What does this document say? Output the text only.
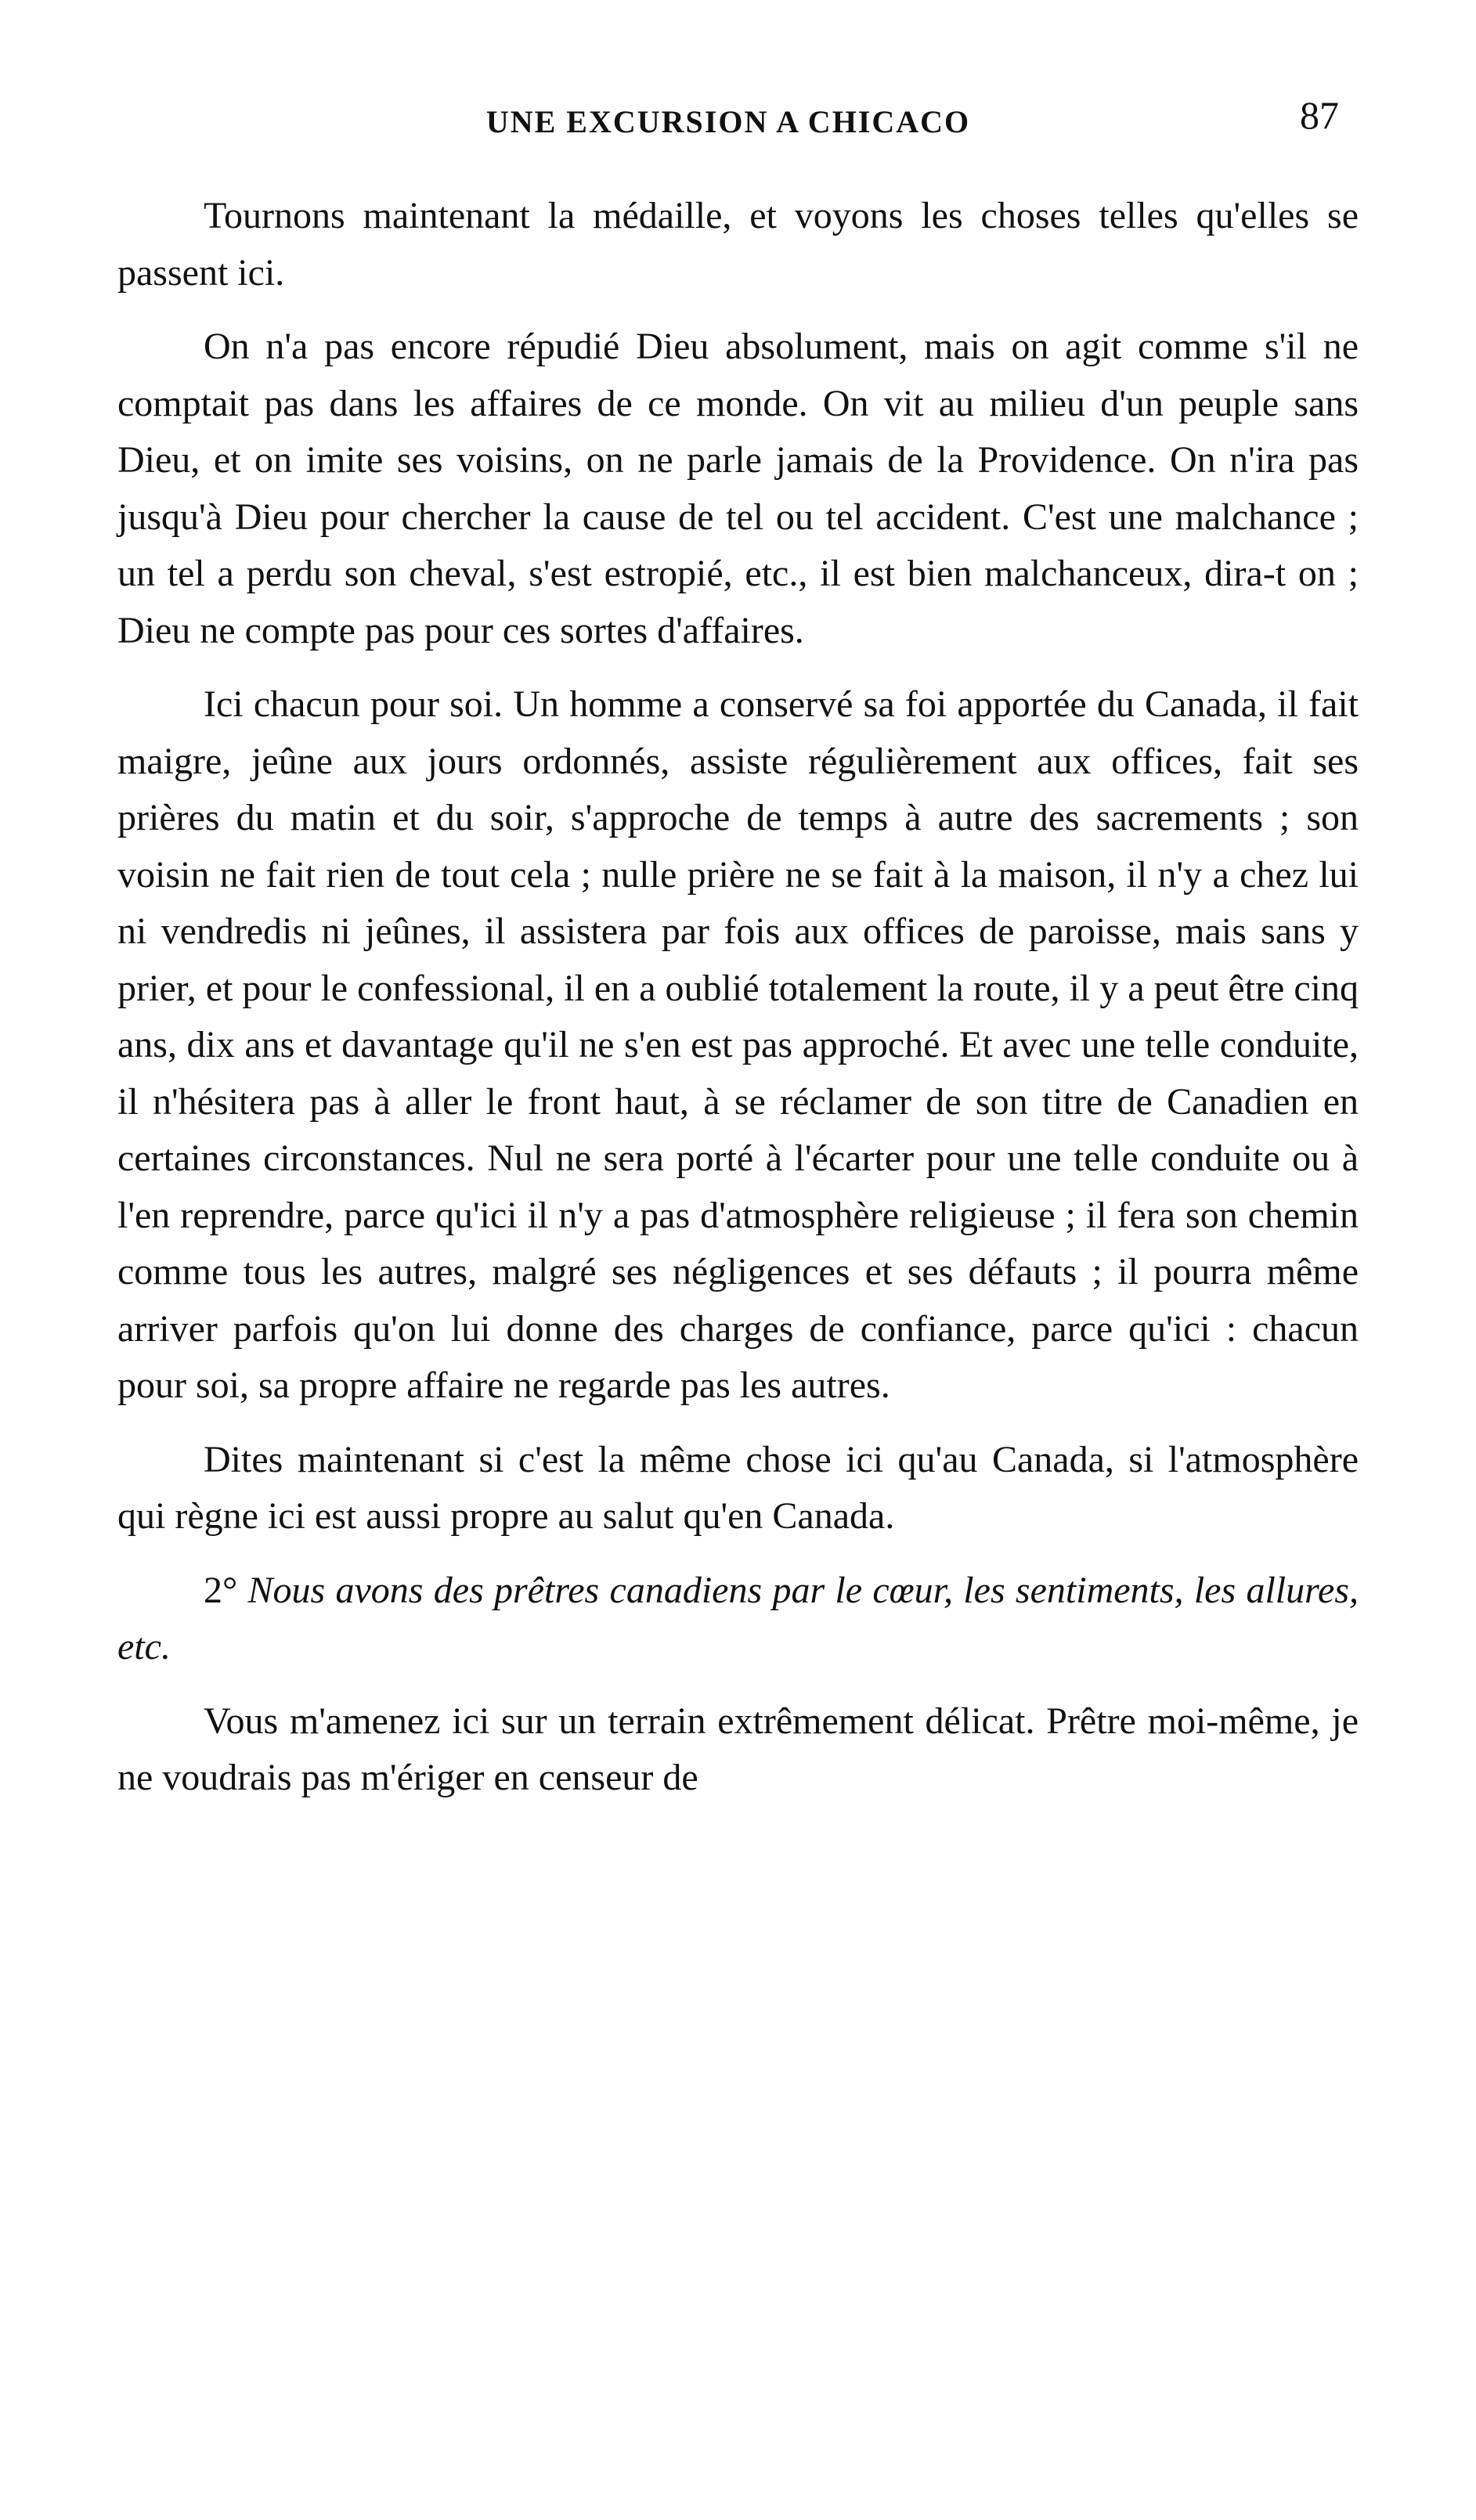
UNE EXCURSION A CHICACO	87

Tournons maintenant la médaille, et voyons les choses telles qu'elles se passent ici.

On n'a pas encore répudié Dieu absolument, mais on agit comme s'il ne comptait pas dans les affaires de ce monde. On vit au milieu d'un peuple sans Dieu, et on imite ses voisins, on ne parle jamais de la Providence. On n'ira pas jusqu'à Dieu pour chercher la cause de tel ou tel accident. C'est une malchance ; un tel a perdu son cheval, s'est estropié, etc., il est bien malchanceux, dira-t on ; Dieu ne compte pas pour ces sortes d'affaires.

Ici chacun pour soi. Un homme a conservé sa foi apportée du Canada, il fait maigre, jeûne aux jours ordonnés, assiste régulièrement aux offices, fait ses prières du matin et du soir, s'approche de temps à autre des sacrements ; son voisin ne fait rien de tout cela ; nulle prière ne se fait à la maison, il n'y a chez lui ni vendredis ni jeûnes, il assistera par fois aux offices de paroisse, mais sans y prier, et pour le confessional, il en a oublié totalement la route, il y a peut être cinq ans, dix ans et davantage qu'il ne s'en est pas approché. Et avec une telle conduite, il n'hésitera pas à aller le front haut, à se réclamer de son titre de Canadien en certaines circonstances. Nul ne sera porté à l'écarter pour une telle conduite ou à l'en reprendre, parce qu'ici il n'y a pas d'atmosphère religieuse ; il fera son chemin comme tous les autres, malgré ses négligences et ses défauts ; il pourra même arriver parfois qu'on lui donne des charges de confiance, parce qu'ici : chacun pour soi, sa propre affaire ne regarde pas les autres.

Dites maintenant si c'est la même chose ici qu'au Canada, si l'atmosphère qui règne ici est aussi propre au salut qu'en Canada.

2° Nous avons des prêtres canadiens par le cœur, les sentiments, les allures, etc.

Vous m'amenez ici sur un terrain extrêmement délicat. Prêtre moi-même, je ne voudrais pas m'ériger en censeur de
